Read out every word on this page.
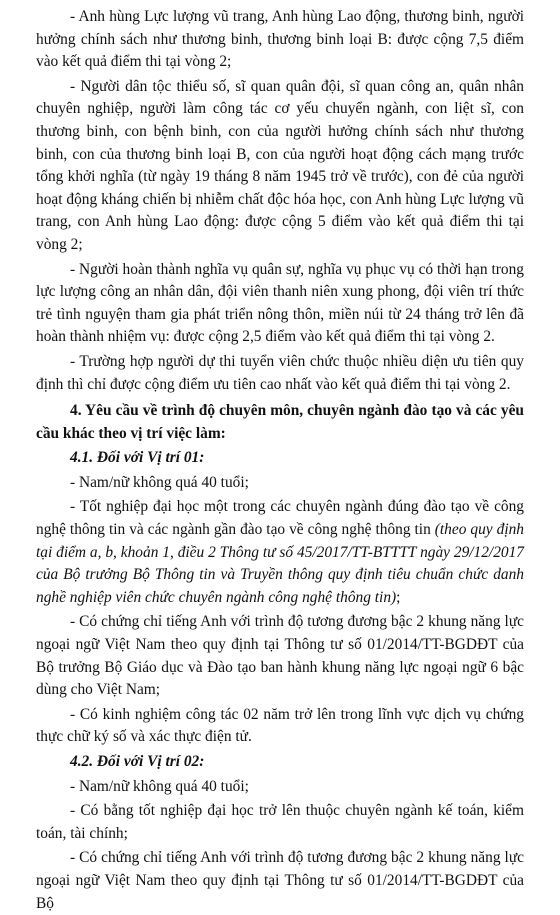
- Anh hùng Lực lượng vũ trang, Anh hùng Lao động, thương binh, người hưởng chính sách như thương binh, thương binh loại B: được cộng 7,5 điểm vào kết quả điểm thi tại vòng 2;

- Người dân tộc thiểu số, sĩ quan quân đội, sĩ quan công an, quân nhân chuyên nghiệp, người làm công tác cơ yếu chuyển ngành, con liệt sĩ, con thương binh, con bệnh binh, con của người hưởng chính sách như thương binh, con của thương binh loại B, con của người hoạt động cách mạng trước tổng khởi nghĩa (từ ngày 19 tháng 8 năm 1945 trở về trước), con đẻ của người hoạt động kháng chiến bị nhiễm chất độc hóa học, con Anh hùng Lực lượng vũ trang, con Anh hùng Lao động: được cộng 5 điểm vào kết quả điểm thi tại vòng 2;

- Người hoàn thành nghĩa vụ quân sự, nghĩa vụ phục vụ có thời hạn trong lực lượng công an nhân dân, đội viên thanh niên xung phong, đội viên trí thức trẻ tình nguyện tham gia phát triển nông thôn, miền núi từ 24 tháng trở lên đã hoàn thành nhiệm vụ: được cộng 2,5 điểm vào kết quả điểm thi tại vòng 2.

- Trường hợp người dự thi tuyển viên chức thuộc nhiều diện ưu tiên quy định thì chỉ được cộng điểm ưu tiên cao nhất vào kết quả điểm thi tại vòng 2.

4. Yêu cầu về trình độ chuyên môn, chuyên ngành đào tạo và các yêu cầu khác theo vị trí việc làm:

4.1. Đối với Vị trí 01:

- Nam/nữ không quá 40 tuổi;

- Tốt nghiệp đại học một trong các chuyên ngành đúng đào tạo về công nghệ thông tin và các ngành gần đào tạo về công nghệ thông tin (theo quy định tại điểm a, b, khoản 1, điều 2 Thông tư số 45/2017/TT-BTTTT ngày 29/12/2017 của Bộ trưởng Bộ Thông tin và Truyền thông quy định tiêu chuẩn chức danh nghề nghiệp viên chức chuyên ngành công nghệ thông tin);

- Có chứng chỉ tiếng Anh với trình độ tương đương bậc 2 khung năng lực ngoại ngữ Việt Nam theo quy định tại Thông tư số 01/2014/TT-BGDĐT của Bộ trưởng Bộ Giáo dục và Đào tạo ban hành khung năng lực ngoại ngữ 6 bậc dùng cho Việt Nam;

- Có kinh nghiệm công tác 02 năm trở lên trong lĩnh vực dịch vụ chứng thực chữ ký số và xác thực điện tử.

4.2. Đối với Vị trí 02:

- Nam/nữ không quá 40 tuổi;

- Có bằng tốt nghiệp đại học trở lên thuộc chuyên ngành kế toán, kiểm toán, tài chính;

- Có chứng chỉ tiếng Anh với trình độ tương đương bậc 2 khung năng lực ngoại ngữ Việt Nam theo quy định tại Thông tư số 01/2014/TT-BGDĐT của Bộ
